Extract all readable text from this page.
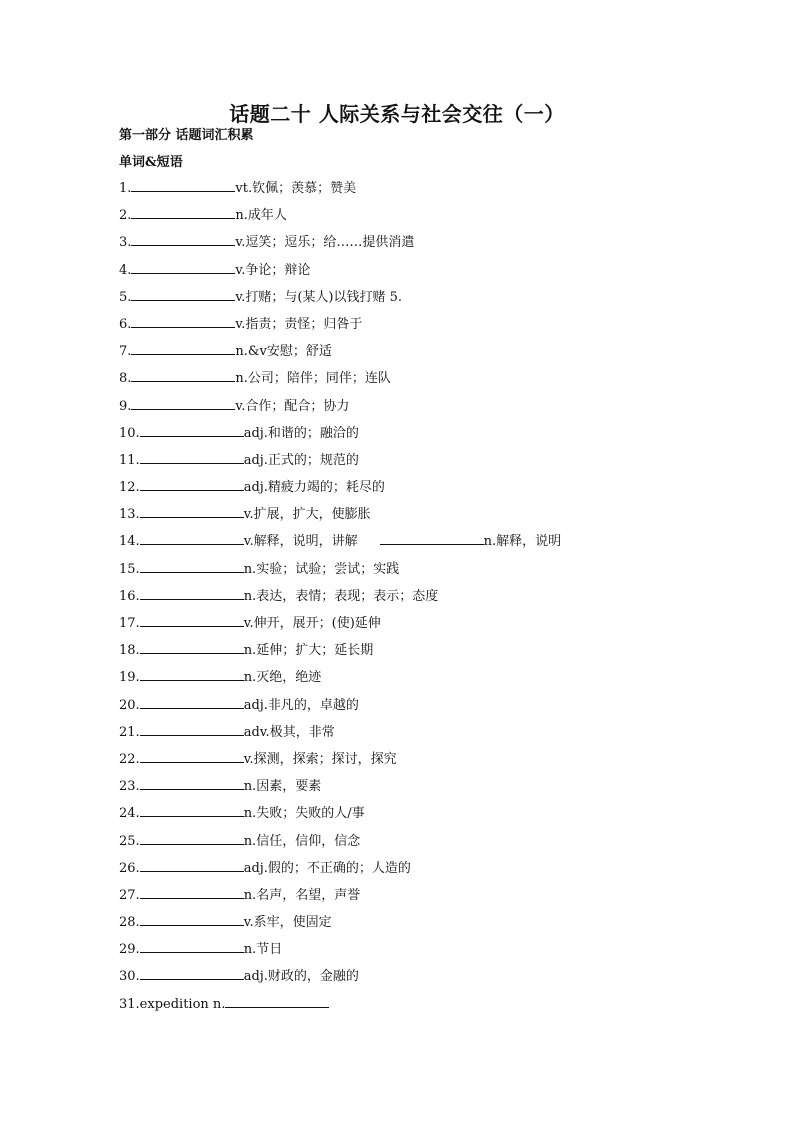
话题二十 人际关系与社会交往（一）
第一部分 话题词汇积累
单词&短语
1.	vt.钦佩；羡慕；赞美
2.	n.成年人
3.	v.逗笑；逗乐；给……提供消遣
4.	v.争论；辩论
5.	v.打赌；与(某人)以钱打赌 5.
6.	v.指责；责怪；归咎于
7.	n.&v安慰；舒适
8.	n.公司；陪伴；同伴；连队
9.	v.合作；配合；协力
10.	adj.和谐的；融洽的
11.	adj.正式的；规范的
12.	adj.精疲力竭的；耗尽的
13.	v.扩展，扩大，使膨胀
14.	v.解释，说明，讲解	n.解释，说明
15.	n.实验；试验；尝试；实践
16.	n.表达，表情；表现；表示；态度
17.	v.伸开，展开；(使)延伸
18.	n.延伸；扩大；延长期
19.	n.灭绝，绝迹
20.	adj.非凡的，卓越的
21.	adv.极其，非常
22.	v.探测，探索；探讨，探究
23.	n.因素，要素
24.	n.失败；失败的人/事
25.	n.信任，信仰，信念
26.	adj.假的；不正确的；人造的
27.	n.名声，名望，声誉
28.	v.系牢，使固定
29.	n.节日
30.	adj.财政的，金融的
31.expedition n.
